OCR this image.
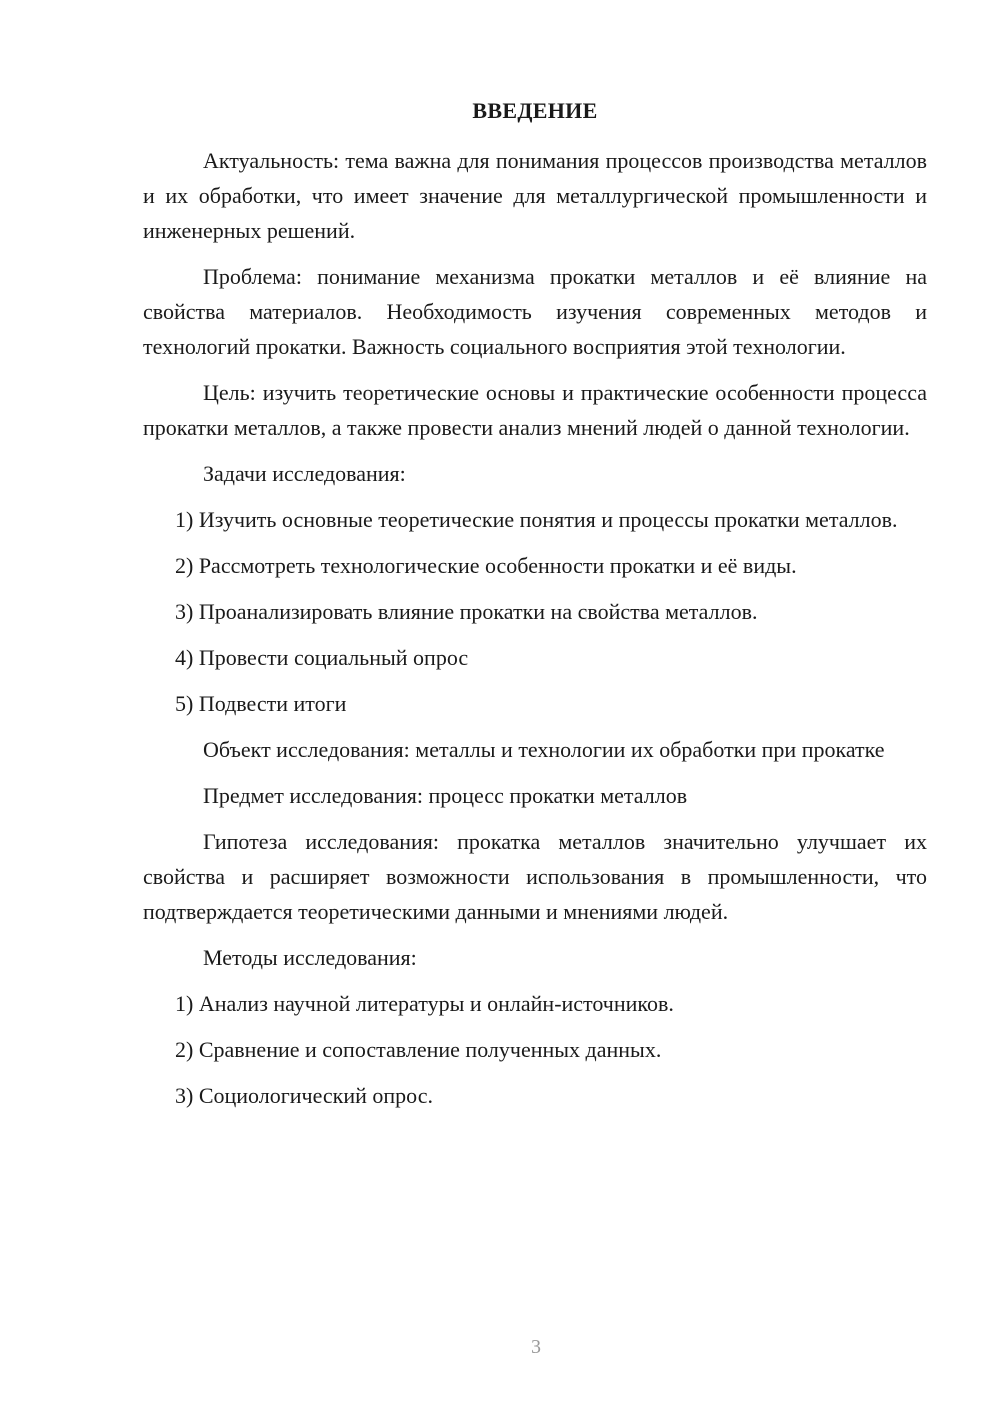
ВВЕДЕНИЕ

Актуальность: тема важна для понимания процессов производства металлов и их обработки, что имеет значение для металлургической промышленности и инженерных решений.

Проблема: понимание механизма прокатки металлов и её влияние на свойства материалов. Необходимость изучения современных методов и технологий прокатки. Важность социального восприятия этой технологии.

Цель: изучить теоретические основы и практические особенности процесса прокатки металлов, а также провести анализ мнений людей о данной технологии.

Задачи исследования:

1) Изучить основные теоретические понятия и процессы прокатки металлов.

2) Рассмотреть технологические особенности прокатки и её виды.

3) Проанализировать влияние прокатки на свойства металлов.

4) Провести социальный опрос

5) Подвести итоги

Объект исследования: металлы и технологии их обработки при прокатке

Предмет исследования: процесс прокатки металлов

Гипотеза исследования: прокатка металлов значительно улучшает их свойства и расширяет возможности использования в промышленности, что подтверждается теоретическими данными и мнениями людей.

Методы исследования:

1) Анализ научной литературы и онлайн-источников.

2) Сравнение и сопоставление полученных данных.

3) Социологический опрос.

3
